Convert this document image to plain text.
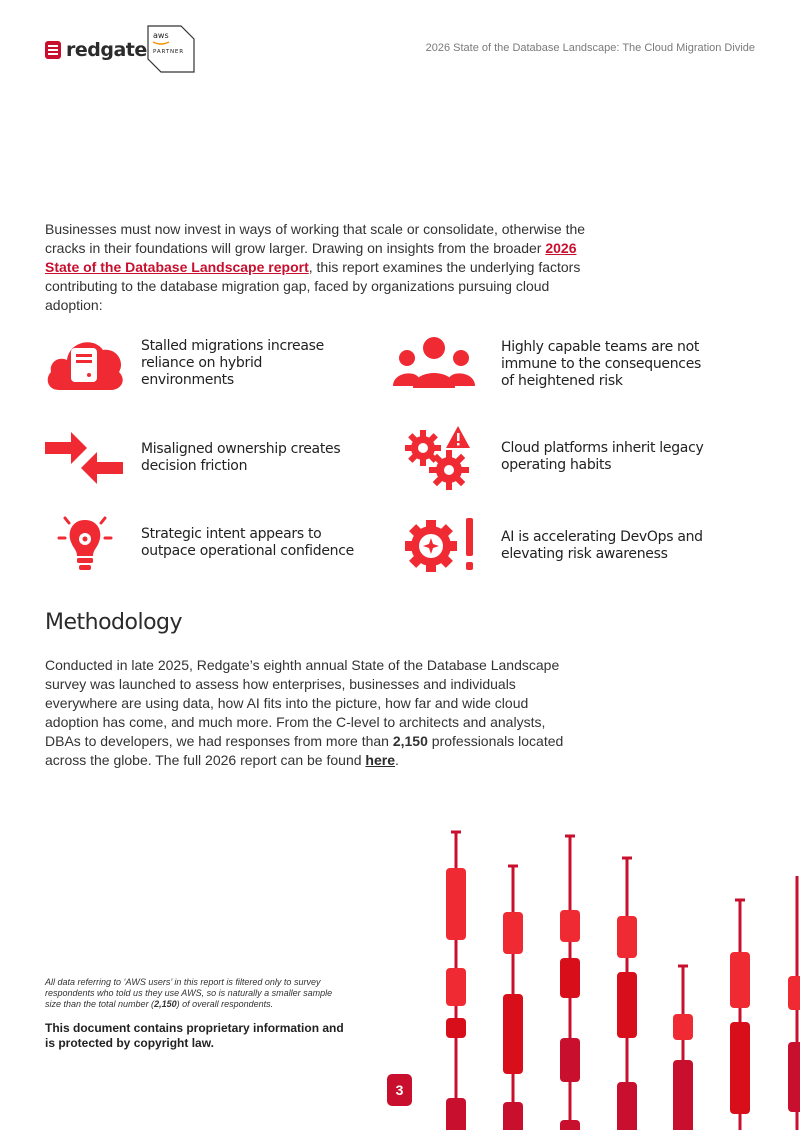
redgate
aws
PARTNER	2026 State of the Database Landscape: The Cloud Migration Divide

Businesses must now invest in ways of working that scale or consolidate, otherwise the cracks in their foundations will grow larger. Drawing on insights from the broader 2026 State of the Database Landscape report, this report examines the underlying factors contributing to the database migration gap, faced by organizations pursuing cloud adoption:

Stalled migrations increase reliance on hybrid environments
Highly capable teams are not immune to the consequences of heightened risk
Misaligned ownership creates decision friction
Cloud platforms inherit legacy operating habits
Strategic intent appears to outpace operational confidence
AI is accelerating DevOps and elevating risk awareness
Methodology

Conducted in late 2025, Redgate’s eighth annual State of the Database Landscape survey was launched to assess how enterprises, businesses and individuals everywhere are using data, how AI fits into the picture, how far and wide cloud adoption has come, and much more. From the C-level to architects and analysts, DBAs to developers, we had responses from more than 2,150 professionals located across the globe. The full 2026 report can be found here.

All data referring to ‘AWS users’ in this report is filtered only to survey respondents who told us they use AWS, so is naturally a smaller sample size than the total number (2,150) of overall respondents.

This document contains proprietary information and is protected by copyright law.

3
